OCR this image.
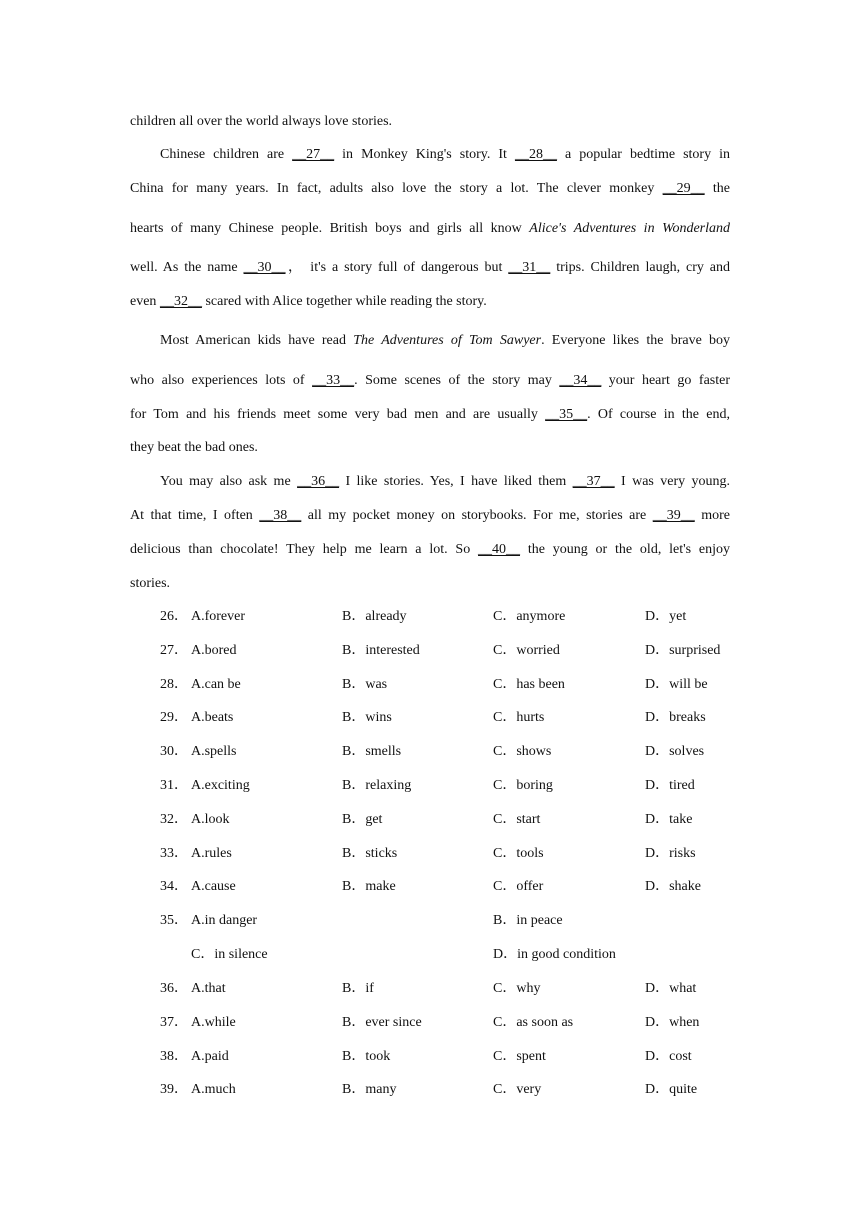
children all over the world always love stories.
Chinese children are __27__ in Monkey King's story. It __28__ a popular bedtime story in
China for many years. In fact, adults also love the story a lot. The clever monkey __29__ the
hearts of many Chinese people. British boys and girls all know Alice's Adventures in Wonderland
well. As the name __30__， it's a story full of dangerous but __31__ trips. Children laugh, cry and
even __32__ scared with Alice together while reading the story.
Most American kids have read The Adventures of Tom Sawyer. Everyone likes the brave boy
who also experiences lots of __33__. Some scenes of the story may __34__ your heart go faster
for Tom and his friends meet some very bad men and are usually __35__. Of course in the end,
they beat the bad ones.
You may also ask me __36__ I like stories. Yes, I have liked them __37__ I was very young.
At that time, I often __38__ all my pocket money on storybooks. For me, stories are __39__ more
delicious than chocolate! They help me learn a lot. So __40__ the young or the old, let's enjoy
stories.
26． A.forever	B．already	C．anymore	D．yet
27． A.bored	B．interested	C．worried	D．surprised
28． A.can be	B．was	C．has been	D．will be
29． A.beats	B．wins	C．hurts	D．breaks
30． A.spells	B．smells	C．shows	D．solves
31． A.exciting	B．relaxing	C．boring	D．tired
32． A.look	B．get	C．start	D．take
33． A.rules	B．sticks	C．tools	D．risks
34． A.cause	B．make	C．offer	D．shake
35． A.in danger	B．in peace
C．in silence	D．in good condition
36． A.that	B．if	C．why	D．what
37． A.while	B．ever since	C．as soon as	D．when
38． A.paid	B．took	C．spent	D．cost
39． A.much	B．many	C．very	D．quite
